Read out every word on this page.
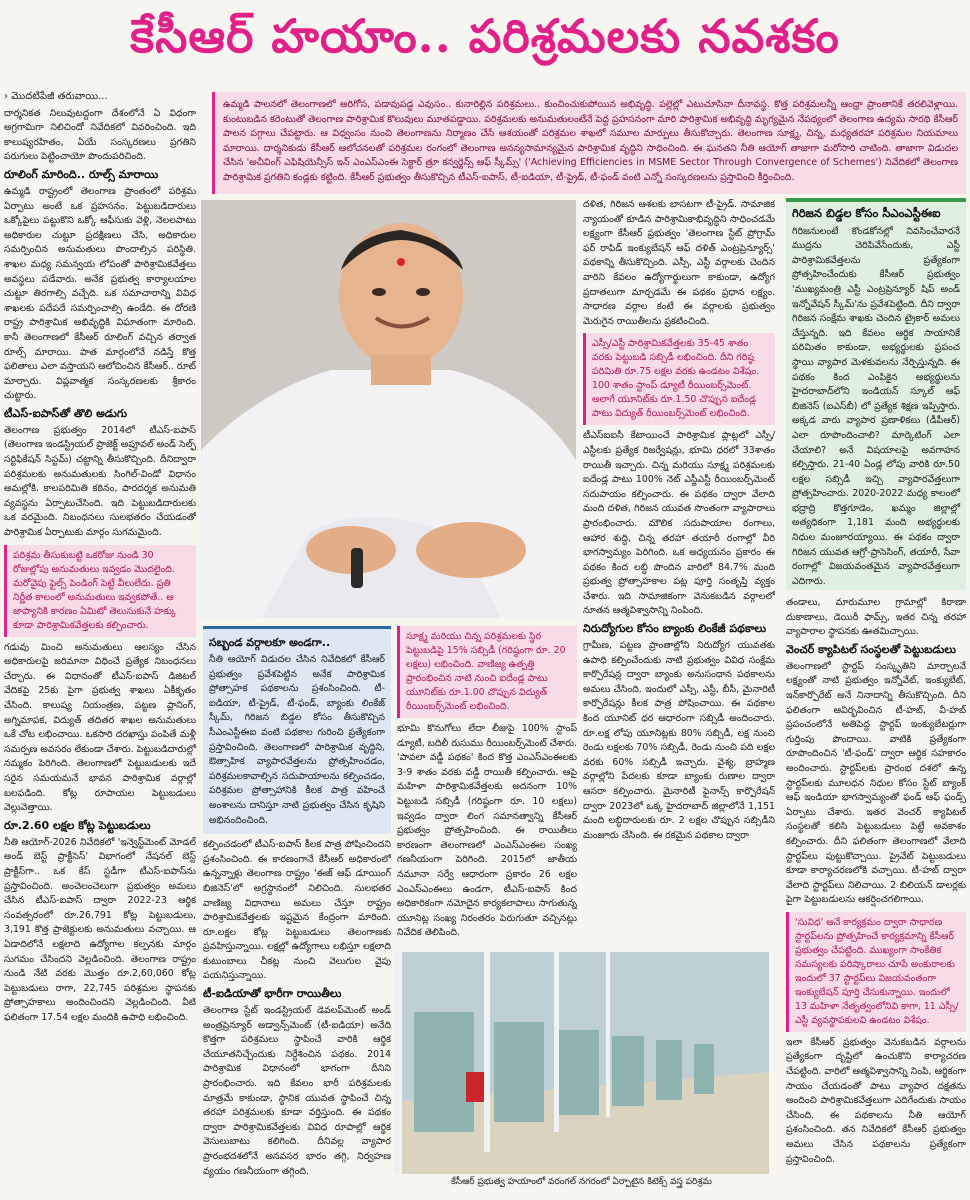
కేసీఆర్ హయాం.. పరిశ్రమలకు నవశకం
› మొదటిపేజీ తరువాయి...
దార్శనికత నిలువుటద్దంగా దేశంలోనే ఏ విధంగా అగ్రగామిగా నిలిచిందో నివేదికలో వివరించింది. ఇది కాలుష్యరహితం, ఏయే సంస్కరణలు ప్రగతిని పరుగులు పెట్టించాయో పొందుపరిచింది.
రూలింగ్ మారింది.. రూల్స్ మారాయి
ఉమ్మడి రాష్ట్రంలో తెలంగాణ ప్రాంతంలో పరిశ్రమ ఏర్పాటు అంటే ఒక ప్రహసనం. పెట్టుబడిదారులు ఒక్కోపైలు పట్టుకొని ఒక్కో ఆఫీసుకు వెళ్లి, నెలలపాటు అధికారుల చుట్టూ ప్రదక్షిణలు చేసి, అధికారుల సమర్పించిన అనుమతులు పొందాల్సిన పరిస్థితి. శాఖల మధ్య సమన్వయ లోపంతో పారిశ్రామికవేత్తలు అవస్థలు పడేవారు. అనేక ప్రభుత్వ కార్యాలయాల చుట్టూ తిరగాల్సి వచ్చేది. ఒక సమాచారాన్ని వివిధ శాఖలకు పదేపదే సమర్పించాల్సి ఉండేది. ఈ దోరణి రాష్ట్ర పారిశ్రామిక అభివృద్ధికి విఘాతంగా మారింది. కానీ తెలంగాణలో కేసీఆర్ రూలింగ్ వచ్చిన తర్వాత రూల్స్ మారాయి. పాత మార్గంలోనే నడిస్తే కొత్త ఫలితాలు ఎలా వస్తాయని ఆలోచించిన కేసీఆర్.. రూట్ మార్చారు. విప్లవాత్మక సంస్కరణలకు శ్రీకారం చుట్టారు.
టీఎస్-ఐపాస్‌తో తొలి అడుగు
తెలంగాణ ప్రభుత్వం 2014లో టీఎస్-ఐపాస్ (తెలంగాణ ఇండస్ట్రియల్ ప్రాజెక్ట్ అప్రూవల్ అండ్ సెల్ఫ్ సర్టిఫికేషన్ సిస్టమ్) చట్టాన్ని తీసుకొచ్చింది. దీనిద్వారా పరిశ్రమలకు అనుమతులకు సింగిల్-విండో విధానం అమల్లోకి. కాలపరిమితి కఠినం, పారదర్శక అనుమతి వ్యవస్థను ఏర్పాటుచేసింది. ఇది పెట్టుబడిదారులకు ఒక వరమైంది. నిబంధనలు సులభతరం చేయడంతో పారిశ్రామిక ఏర్పాటుకు మార్గం సుగమమైంది.
పరిశ్రమ తీసుకుబట్టి ఒకరోజు నుండి 30 రోజుల్లోపు అనుమతులు ఇవ్వడం మొదలైంది. మరోవైపు ఫైల్స్ పెండింగ్ పెట్టే వీలులేదు. ప్రతి నిర్ణీత కాలంలో అనుమతులు ఇవ్వకపోతే.. ఆ జాప్యానికి కారణం ఏమిటో తెలుసుకునే హక్కు కూడా పారిశ్రామికవేత్తలకు కల్పించారు.
గడువు మించి అనుమతులు ఆలస్యం చేసిన అధికారులపై జరిమానా విధించే ప్రత్యేక నిబంధనలు చేర్చారు. ఈ విధానంతో టీఎస్-ఐపాస్ డిజిటల్ వేదికపై 25కు పైగా ప్రభుత్వ శాఖలు ఏకీకృతం చేసింది. కాలుష్య నియంత్రణ, పట్టణ ప్లానింగ్, అగ్నిమాపక, విద్యుత్ తదితర శాఖల అనుమతులు ఒకే చోట లభించాయి. ఒకసారి దరఖాస్తు పంపితే మళ్లీ సమర్పణ అవసరం లేకుండా చేశారు. పెట్టుబడిదారుల్లో నమ్మకం పెరిగింది. తెలంగాణలో పెట్టుబడులకు ఇదే సరైన సమయమనే భావన పారిశ్రామిక వర్గాల్లో బలపడింది. కోట్ల రూపాయల పెట్టుబడులు వెల్లువెత్తాయి.
రూ.2.60 లక్షల కోట్ల పెట్టుబడులు
నీతి ఆయోగ్-2026 నివేదికలో 'ఇన్వెస్ట్‌మెంట్ మోడల్ అండ్ బెస్ట్ ప్రాక్టీసెస్' విభాగంలో నేషనల్ బెస్ట్ ప్రాక్టీస్‌గా.. ఒక కేస్ స్టడీగా టీఎస్-ఐపాస్‌ను ప్రస్తావించింది. అంచెలంచెలుగా ప్రభుత్వం అమలు చేసిన టీఎస్-ఐపాస్ ద్వారా 2022-23 ఆర్థిక సంవత్సరంలో రూ.26,791 కోట్ల పెట్టుబడులు, 3,191 కొత్త ప్రాజెక్టులకు అనుమతులు వచ్చాయి. ఆ ఏడాదిలోనే లక్షలాది ఉద్యోగాల కల్పనకు మార్గం సుగమం చేసిందని వెల్లడించింది. తెలంగాణ రాష్ట్రం నుండి నేటి వరకు మొత్తం రూ.2,60,060 కోట్ల పెట్టుబడులు రాగా, 22,745 పరిశ్రమల స్థాపనకు ప్రోత్సాహకాలు అందించిందని వెల్లడించింది. వీటి ఫలితంగా 17.54 లక్షల మందికి ఉపాధి లభించింది.
ఉమ్మడి పాలనలో తెలంగాణలో అరిగోస, పడావుపడ్డ ఎవుసం.. కునారిల్లిన పరిశ్రమలు.. కుంచించుకుపోయిన అభివృద్ధి. పల్లెల్లో ఎటుచూసినా దీనావస్థ. కొత్త పరిశ్రమలన్నీ ఆంధ్రా ప్రాంతానికే తరలివెళ్లాయి. కుంటుబడిన కరెంటుతో తెలంగాణ పారిశ్రామిక కొలువులు మూతపడ్డాయి. పరిశ్రమలకు అనుమతులంటేనే పెద్ద ప్రహసనంగా మారి పారిశ్రామిక అభివృద్ధి మృగ్యమైన నేపథ్యంలో తెలంగాణ ఉద్యమ సారథి కేసీఆర్ పాలన పగ్గాలు చేపట్టారు. ఆ విధ్వంసం నుంచి తెలంగాణను నిర్మాణం చేసే ఆశయంతో పరిశ్రమల శాఖలో సమూల మార్పులు తీసుకొచ్చారు. తెలంగాణ సూక్ష్మ, చిన్న, మధ్యతరహా పరిశ్రమల నియమాలు మారాయి. దార్శనికుడు కేసీఆర్ ఆలోచనలతో పరిశ్రమల రంగంలో తెలంగాణ అనన్యసామాన్యమైన పారిశ్రామిక వృద్ధిని సాధించింది. ఈ ఘనతని నీతి ఆయోగ్ తాజాగా మరోసారి చాటింది. తాజాగా విడుదల చేసిన 'అచీవింగ్ ఎఫిషియెన్సీస్ ఇన్ ఎంఎస్ఎంఈ సెక్టార్ త్రూ కన్వర్జెన్స్ ఆఫ్ స్కీమ్స్' ('Achieving Efficiencies in MSME Sector Through Convergence of Schemes') నివేదికలో తెలంగాణ పారిశ్రామిక ప్రగతిని కండ్లకు కట్టింది. కేసీఆర్ ప్రభుత్వం తీసుకొచ్చిన టీఎస్-ఐపాస్, టీ-ఐడియా, టీ-ప్రైడ్, టీ-ఫండ్ వంటి ఎన్నో సంస్కరణలను ప్రస్తావించి కీర్తించింది.
సబ్బండ వర్గాలకూ అండగా..
నీతి ఆయోగ్ విడుదల చేసిన నివేదికలో కేసీఆర్ ప్రభుత్వం ప్రవేశపెట్టిన అనేక పారిశ్రామిక ప్రోత్సాహక పథకాలను ప్రశంసించింది. టీ-ఐడియా, టీ-ప్రైడ్, టీ-ఫండ్, బ్యాంకు లింకేజ్ స్కీమ్, గిరిజన బిడ్డల కోసం తీసుకొచ్చిన సీఎంఎస్టీఈఐ వంటి పథకాల గురించి ప్రత్యేకంగా ప్రస్తావించింది. తెలంగాణలో పారిశ్రామిక వృద్ధిని, ఔత్సాహిక వ్యాపారవేత్తలను ప్రోత్సహించడం, పరిశ్రమలకావాల్సిన సదుపాయాలను కల్పించడం, పరిశ్రమల ప్రోత్సాహానికి కీలక పాత్ర వహించే అంశాలను దానిస్తూ నాటి ప్రభుత్వం చేసిన కృషిని అభినందించింది.
కల్పించడంలో టీఎస్-ఐపాస్ కీలక పాత్ర పోషించిందని ప్రశంసించింది. ఈ కారణంగానే కేసీఆర్ అధికారంలో ఉన్నన్నాళ్లు తెలంగాణ రాష్ట్రం 'ఈజ్ ఆఫ్ డూయింగ్ బిజినెస్'లో అగ్రస్థానంలో నిలిచింది. సులభతర వాణిజ్య విధానాలు అమలు చేస్తూ రాష్ట్రం పారిశ్రామికవేత్తలకు ఇష్టమైన కేంద్రంగా మారింది. రూ.లక్షల కోట్ల పెట్టుబడులు తెలంగాణకు ప్రవహిస్తున్నాయి. లక్షల్లో ఉద్యోగాలు లభిస్తూ లక్షలాది కుటుంబాలు చీకట్ల నుంచి వెలుగుల వైపు పయనిస్తున్నాయి.
టీ-ఐడియాతో భారీగా రాయితీలు
తెలంగాణ స్టేట్ ఇండస్ట్రియల్ డెవలప్‌మెంట్ అండ్ అంత్రప్రెన్యూర్ అడ్వాన్స్‌మెంట్ (టీ-ఐడియా) అనేది కొత్తగా పరిశ్రమలు స్థాపించే వారికి ఆర్థిక చేయూతనిచ్చేందుకు నిర్దేశించిన పథకం. 2014 పారిశ్రామిక విధానంలో భాగంగా దీనిని ప్రారంభించారు. ఇది కేవలం భారీ పరిశ్రమలకు మాత్రమే కాకుండా, స్థానిక యువత స్థాపించే చిన్న తరహా పరిశ్రమలకు కూడా వర్తిస్తుంది. ఈ పథకం ద్వారా పారిశ్రామికవేత్తలకు వివిధ రూపాల్లో ఆర్థిక వెసులుబాటు కలిగింది. దీనివల్ల వ్యాపార ప్రారంభదశలోనే అనవసర భారం తగ్గి, నిర్వహణ వ్యయం గణనీయంగా తగ్గింది.
సూక్ష్మ మరియు చిన్న పరిశ్రమలకు స్థిర పెట్టుబడిపై 15% సబ్సిడీ (గరిష్ఠంగా రూ. 20 లక్షలు) లభించింది. వాణిజ్య ఉత్పత్తి ప్రారంభించిన నాటి నుంచి ఐదేండ్ల పాటు యూనిట్‌కు రూ.1.00 చొప్పున విద్యుత్ రీయింబర్స్‌మెంట్ లభించింది.
భూమి కొనుగోలు లేదా లీజుపై 100% స్టాంప్ డ్యూటీ, బదిలీ రుసుము రీయింబర్స్‌మెంట్ చేశారు. 'పావలా వడ్డీ పథకం' కింద కొత్త ఎంఎస్ఎంఈలకు 3-9 శాతం వరకు వడ్డీ రాయితీ కల్పించారు. ఆపై మహిళా పారిశ్రామికవేత్తలకు అదనంగా 10% పెట్టుబడి సబ్సిడీ (గరిష్ఠంగా రూ. 10 లక్షలు) ఇవ్వడం ద్వారా లింగ సమానత్వాన్ని కేసీఆర్ ప్రభుత్వం ప్రోత్సహించింది. ఈ రాయితీలు కారణంగా తెలంగాణలో ఎంఎస్ఎంఈల సంఖ్య గణనీయంగా పెరిగింది. 2015లో జాతీయ నమూనా సర్వే ఆధారంగా ప్రకారం 26 లక్షల ఎంఎస్ఎంఈలు ఉండగా, టీఎస్-ఐపాస్ కింద అధికారికంగా నమోదైన కార్యకలాపాలు సాగుతున్న యూనిట్ల సంఖ్య నిరంతరం పెరుగుతూ వచ్చినట్లు నివేదిక తెలిపింది.
దళిత, గిరిజన ఆశలకు బాసటగా టీ-ప్రైడ్. సామాజిక న్యాయంతో కూడిన పారిశ్రామికాభివృద్ధిని సాధించడమే లక్ష్యంగా కేసీఆర్ ప్రభుత్వం 'తెలంగాణ స్టేట్ ప్రోగ్రామ్ ఫర్ రాపిడ్ ఇంక్యుబేషన్ ఆఫ్ దళిత్ ఎంట్రప్రెన్యూర్స్' పథకాన్ని తీసుకొచ్చింది. ఎస్సీ, ఎస్టీ వర్గాలకు చెందిన వారిని కేవలం ఉద్యోగార్థులుగా కాకుండా, ఉద్యోగ ప్రదాతలుగా మార్చడమే ఈ పథకం ప్రధాన లక్ష్యం. సాధారణ వర్గాల కంటే ఈ వర్గాలకు ప్రభుత్వం మెరుగైన రాయితీలను ప్రకటించింది.
ఎస్సీ/ఎస్టీ పారిశ్రామికవేత్తలకు 35-45 శాతం వరకు పెట్టుబడి సబ్సిడీ లభించింది. దీని గరిష్ఠ పరిమితి రూ.75 లక్షల వరకు ఉండటం విశేషం. 100 శాతం స్టాంప్ డ్యూటీ రీయింబర్స్‌మెంట్. అలాగే యూనిట్‌కు రూ.1.50 చొప్పున ఐదేండ్ల పాటు విద్యుత్ రీయింబర్స్‌మెంట్ లభించింది.
టీఎస్ఐఐసీ కేటాయించే పారిశ్రామిక ప్లాట్లలో ఎస్సీ/ఎస్టీలకు ప్రత్యేక రిజర్వేషన్లు, భూమి ధరలో 33శాతం రాయితీ ఇచ్చారు. చిన్న మరియు సూక్ష్మ పరిశ్రమలకు ఐదేండ్ల పాటు 100% నెట్ ఎస్జీఎస్టీ రీయింబర్స్‌మెంట్ సదుపాయం కల్పించారు. ఈ పథకం ద్వారా వేలాది మంది దళిత, గిరిజన యువత సొంతంగా వ్యాపారాలు ప్రారంభించారు. మౌలిక సదుపాయాల రంగాలు, ఆహార శుద్ధి, చిన్న తరహా తయారీ రంగాల్లో వీరి భాగస్వామ్యం పెరిగింది. ఒక అధ్యయనం ప్రకారం ఈ పథకం కింద లబ్ధి పొందిన వారిలో 84.7% మంది ప్రభుత్వ ప్రోత్సాహకాల పట్ల పూర్తి సంతృప్తి వ్యక్తం చేశారు. ఇది సామాజికంగా వెనుకబడిన వర్గాలలో నూతన ఆత్మవిశ్వాసాన్ని నింపింది.
నిరుద్యోగుల కోసం బ్యాంకు లింకేజీ పథకాలు
గ్రామీణ, పట్టణ ప్రాంతాల్లోని నిరుద్యోగ యువతకు ఉపాధి కల్పించేందుకు నాటి ప్రభుత్వం వివిధ సంక్షేమ కార్పొరేషన్ల ద్వారా బ్యాంకు అనుసంధాన పథకాలను అమలు చేసింది. ఇందులో ఎస్సీ, ఎస్టీ, బీసీ, మైనారిటీ కార్పొరేషన్లు కీలక పాత్ర పోషించాయి. ఈ పథకాల కింద యూనిట్ ధర ఆధారంగా సబ్సిడీ అందించారు. రూ.లక్ష లోపు యూనిట్లకు 80% సబ్సిడీ, లక్ష నుంచి రెండు లక్షలకు 70% సబ్సిడీ, రెండు నుంచి పది లక్షల వరకు 60% సబ్సిడీ ఇచ్చారు. వైశ్య, బ్రాహ్మణ వర్గాల్లోని పేదలకు కూడా బ్యాంకు రుణాల ద్వారా ఆసరా కల్పించారు. మైనారిటీ ఫైనాన్స్ కార్పొరేషన్ ద్వారా 2023లో ఒక్క హైదరాబాద్ జిల్లాలోనే 1,151 మంది లబ్ధిదారులకు రూ. 2 లక్షల చొప్పున సబ్సిడీని మంజూరు చేసింది. ఈ రకమైన పథకాల ద్వారా
గిరిజన బిడ్డల కోసం సీఎంఎస్టీఈఐ
గిరిజనులంటే కొండకోనల్లో నివసించేవారనే ముద్రను చెరిపివేసేందుకు, ఎస్టీ పారిశ్రామికవేత్తలను ప్రత్యేకంగా ప్రోత్సహించేందుకు కేసీఆర్ ప్రభుత్వం 'ముఖ్యమంత్రి ఎస్టీ ఎంట్రప్రెన్యూర్ షిప్ అండ్ ఇన్నోవేషన్ స్కీమ్'ను ప్రవేశపెట్టింది. దీని ద్వారా గిరిజన సంక్షేమ శాఖకు చెందిన ట్రైకార్ అమలు చేస్తున్నది. ఇది కేవలం ఆర్థిక సాయానికే పరిమితం కాకుండా, అభ్యర్థులకు ప్రపంచ స్థాయి వ్యాపార మెళకువలను నేర్పిస్తున్నది. ఈ పథకం కింద ఎంపికైన అభ్యర్థులను హైదరాబాద్‌లోని ఇండియన్ స్కూల్ ఆఫ్ బిజినెస్ (ఐఎస్‌బీ) లో ప్రత్యేక శిక్షణ ఇప్పిస్తారు. అక్కడ వారు వ్యాపార ప్రణాళికలు (డీపీఆర్) ఎలా రూపొందించాలి? మార్కెటింగ్ ఎలా చేయాలి? అనే విషయాలపై అవగాహన కల్పిస్తారు. 21-40 ఏండ్ల లోపు వారికి రూ.50 లక్షల సబ్సిడీ ఇచ్చి వ్యాపారవేత్తలుగా ప్రోత్సహించారు. 2020-2022 మధ్య కాలంలో భద్రాద్రి కొత్తగూడెం, ఖమ్మం జిల్లాల్లో అత్యధికంగా 1,181 మంది అభ్యర్థులకు నిధుల మంజూరయ్యాయి. ఈ పథకం ద్వారా గిరిజన యువత ఆగ్రో-ప్రాసెసింగ్, తయారీ, సేవా రంగాల్లో విజయవంతమైన వ్యాపారవేత్తలుగా ఎదిగారు.
తండాలు, మారుమూల గ్రామాల్లో కిరాణా దుకాణాలు, డెయిరీ ఫామ్స్, ఇతర చిన్న తరహా వ్యాపారాల స్థాపనకు ఊతమిచ్చాయి.
వెంచర్ క్యాపిటల్ సంస్థలతో పెట్టుబడులు
తెలంగాణలో స్టార్టప్ సంస్కృతిని మార్చాలనే లక్ష్యంతో నాటి ప్రభుత్వం ఇన్నోవేట్, ఇంక్యుబేట్, ఇన్‌కార్పొరేట్ అనే నినాదాన్ని తీసుకొచ్చింది. దీని ఫలితంగా ఆవిర్భవించిన టీ-హబ్, వీ-హబ్ ప్రపంచంలోనే అతిపెద్ద స్టార్టప్ ఇంక్యుబేటర్లుగా గుర్తింపు పొందాయి. వాటికి ప్రత్యేకంగా రూపొందించిన 'టీ-ఫండ్' ద్వారా ఆర్థిక సహకారం అందించారు. స్టార్టప్‌లకు ప్రారంభ దశలో ఉన్న స్టార్టప్‌లకు మూలధన నిధుల కోసం స్టేట్ బ్యాంక్ ఆఫ్ ఇండియా భాగస్వామ్యంతో ఫండ్ ఆఫ్ ఫండ్స్ ఏర్పాటు చేశారు. ఇతర వెంచర్ క్యాపిటల్ సంస్థలతో కలిసి పెట్టుబడులు పెట్టే అవకాశం కల్పించారు. దీని ఫలితంగా తెలంగాణలో వేలాది స్టార్టప్‌లు పుట్టుకొచ్చాయి. ప్రైవేట్ పెట్టుబడులు కూడా కార్యాచరణలోకి వచ్చాయి. టీ-హబ్ ద్వారా వేలాది స్టార్టప్‌లు నిలిచాయి. 2 బిలియన్ డాలర్లకు పైగా పెట్టుబడులను ఆకర్షించగలిగాయి.
'సువిధ' అనే కార్యక్రమం ద్వారా సాధారణ స్టార్టప్‌లను ప్రోత్సహించే కార్యక్రమాన్ని కేసీఆర్ ప్రభుత్వం చేపట్టింది. ముఖ్యంగా సాంకేతిక సమస్యలకు పరిష్కారాలు చూపే అంకురాలకు ఇందులో 37 స్టార్టప్‌లు విజయవంతంగా ఇంక్యుబేషన్ పూర్తి చేసుకున్నాయి. ఇందులో 13 మహిళా నేతృత్వంలోనివి కాగా, 11 ఎస్సీ/ఎస్టీ వ్యవస్థాపకులవి ఉండటం విశేషం.
ఇలా కేసీఆర్ ప్రభుత్వం వెనుకబడిన వర్గాలను ప్రత్యేకంగా దృష్టిలో ఉంచుకొని కార్యాచరణ చేపట్టింది. వారిలో ఆత్మవిశ్వాసాన్ని నింపి, ఆర్థికంగా సాయం చేయడంతో పాటు వ్యాపార దక్షతను అందించి పారిశ్రామికవేత్తలుగా ఎదిగేందుకు సాయం చేసింది. ఈ పథకాలను నీతి ఆయోగ్ ప్రశంసించింది. తన నివేదికలో కేసీఆర్ ప్రభుత్వం అమలు చేసిన పథకాలను ప్రత్యేకంగా ప్రస్తావించింది.
కేసీఆర్ ప్రభుత్వ హయాంలో వరంగల్ నగరంలో ఏర్పాటైన కిటెక్స్ వస్త్ర పరిశ్రమ
